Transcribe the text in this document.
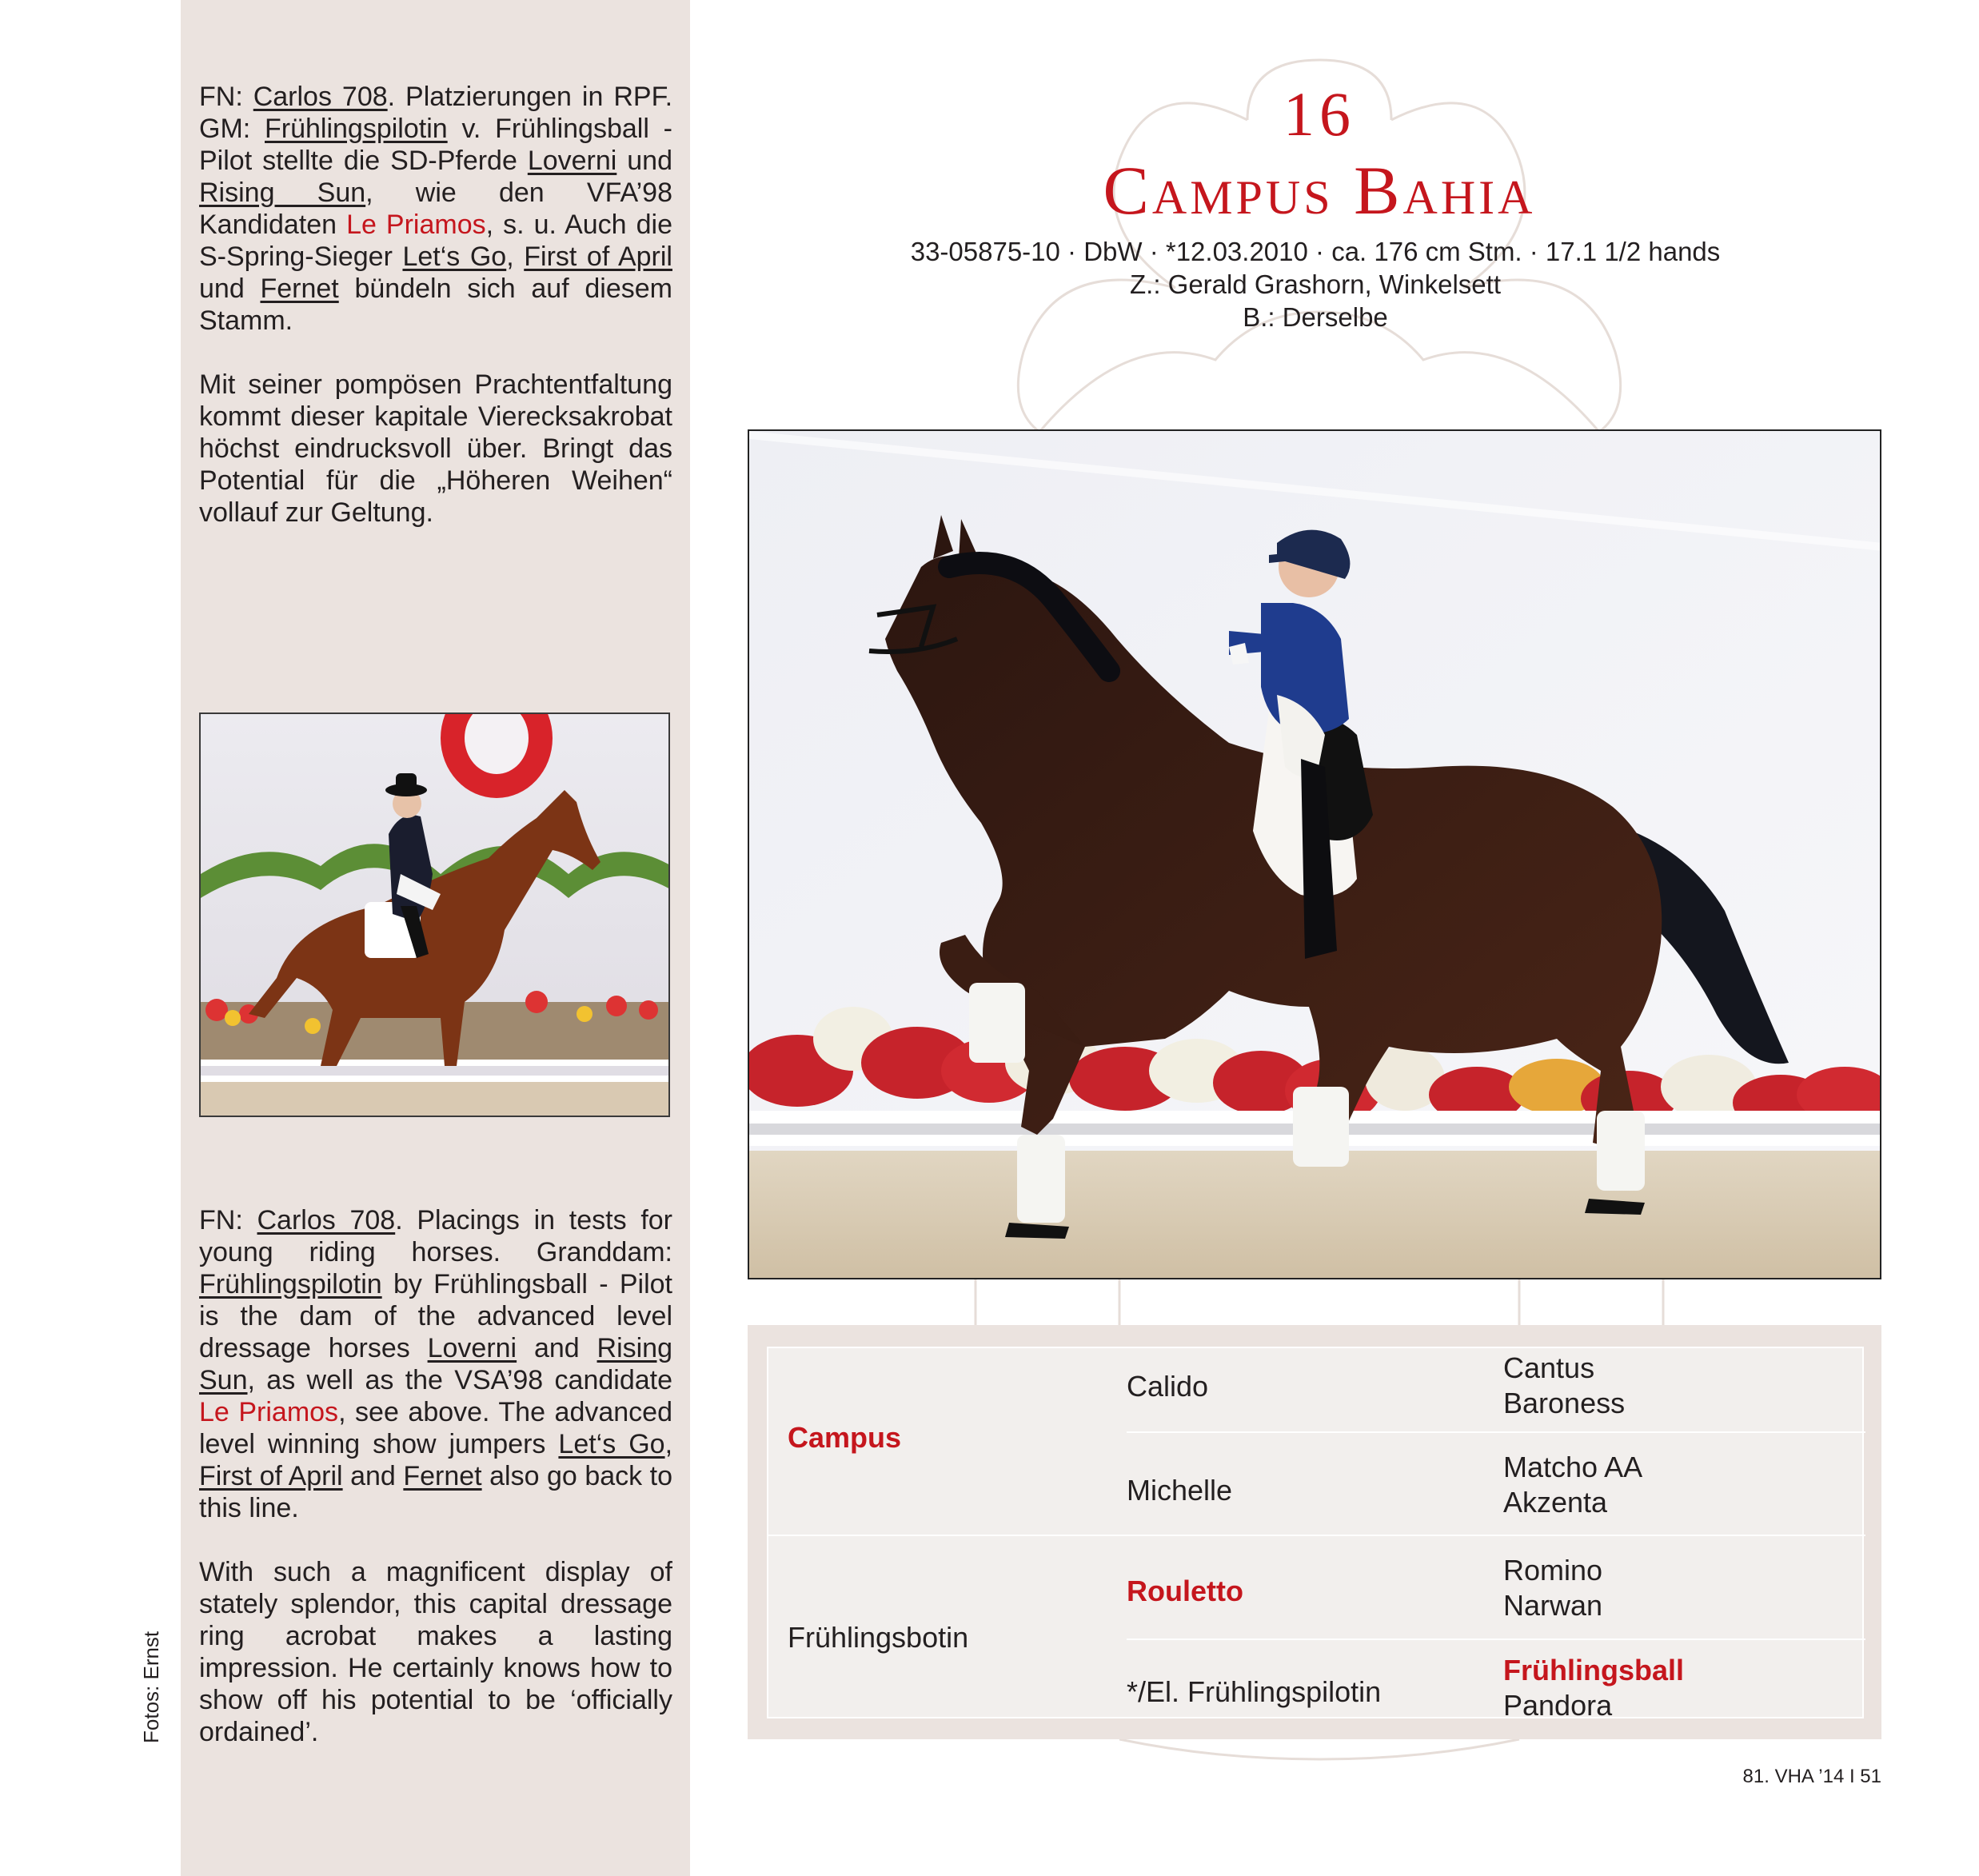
FN: Carlos 708. Platzierungen in RPF. GM: Frühlingspilotin v. Frühlingsball - Pilot stellte die SD-Pferde Loverni und Rising Sun, wie den VFA’98 Kandidaten Le Priamos, s. u. Auch die S-Spring-Sieger Let‘s Go, First of April und Fernet bündeln sich auf diesem Stamm.

Mit seiner pompösen Prachtentfaltung kommt dieser kapitale Vierecksakrobat höchst eindrucksvoll über. Bringt das Potential für die „Höheren Weihen“ vollauf zur Geltung.

FN: Carlos 708. Placings in tests for young riding horses. Granddam: Frühlingspilotin by Frühlingsball - Pilot is the dam of the advanced level dressage horses Loverni and Rising Sun, as well as the VSA’98 candidate Le Priamos, see above. The advanced level winning show jumpers Let‘s Go, First of April and Fernet also go back to this line.

With such a magnificent display of stately splendor, this capital dressage ring acrobat makes a lasting impression. He certainly knows how to show off his potential to be ‘officially ordained’.

Fotos: Ernst
16
Campus Bahia
33-05875-10 · DbW · *12.03.2010 · ca. 176 cm Stm. · 17.1 1/2 hands
Z.: Gerald Grashorn, Winkelsett
B.: Derselbe
Campus
Frühlingsbotin
Calido
Michelle
Rouletto
*/El. Frühlingspilotin
Cantus
Baroness
Matcho AA
Akzenta
Romino
Narwan
Frühlingsball
Pandora
81. VHA ’14 I 51
